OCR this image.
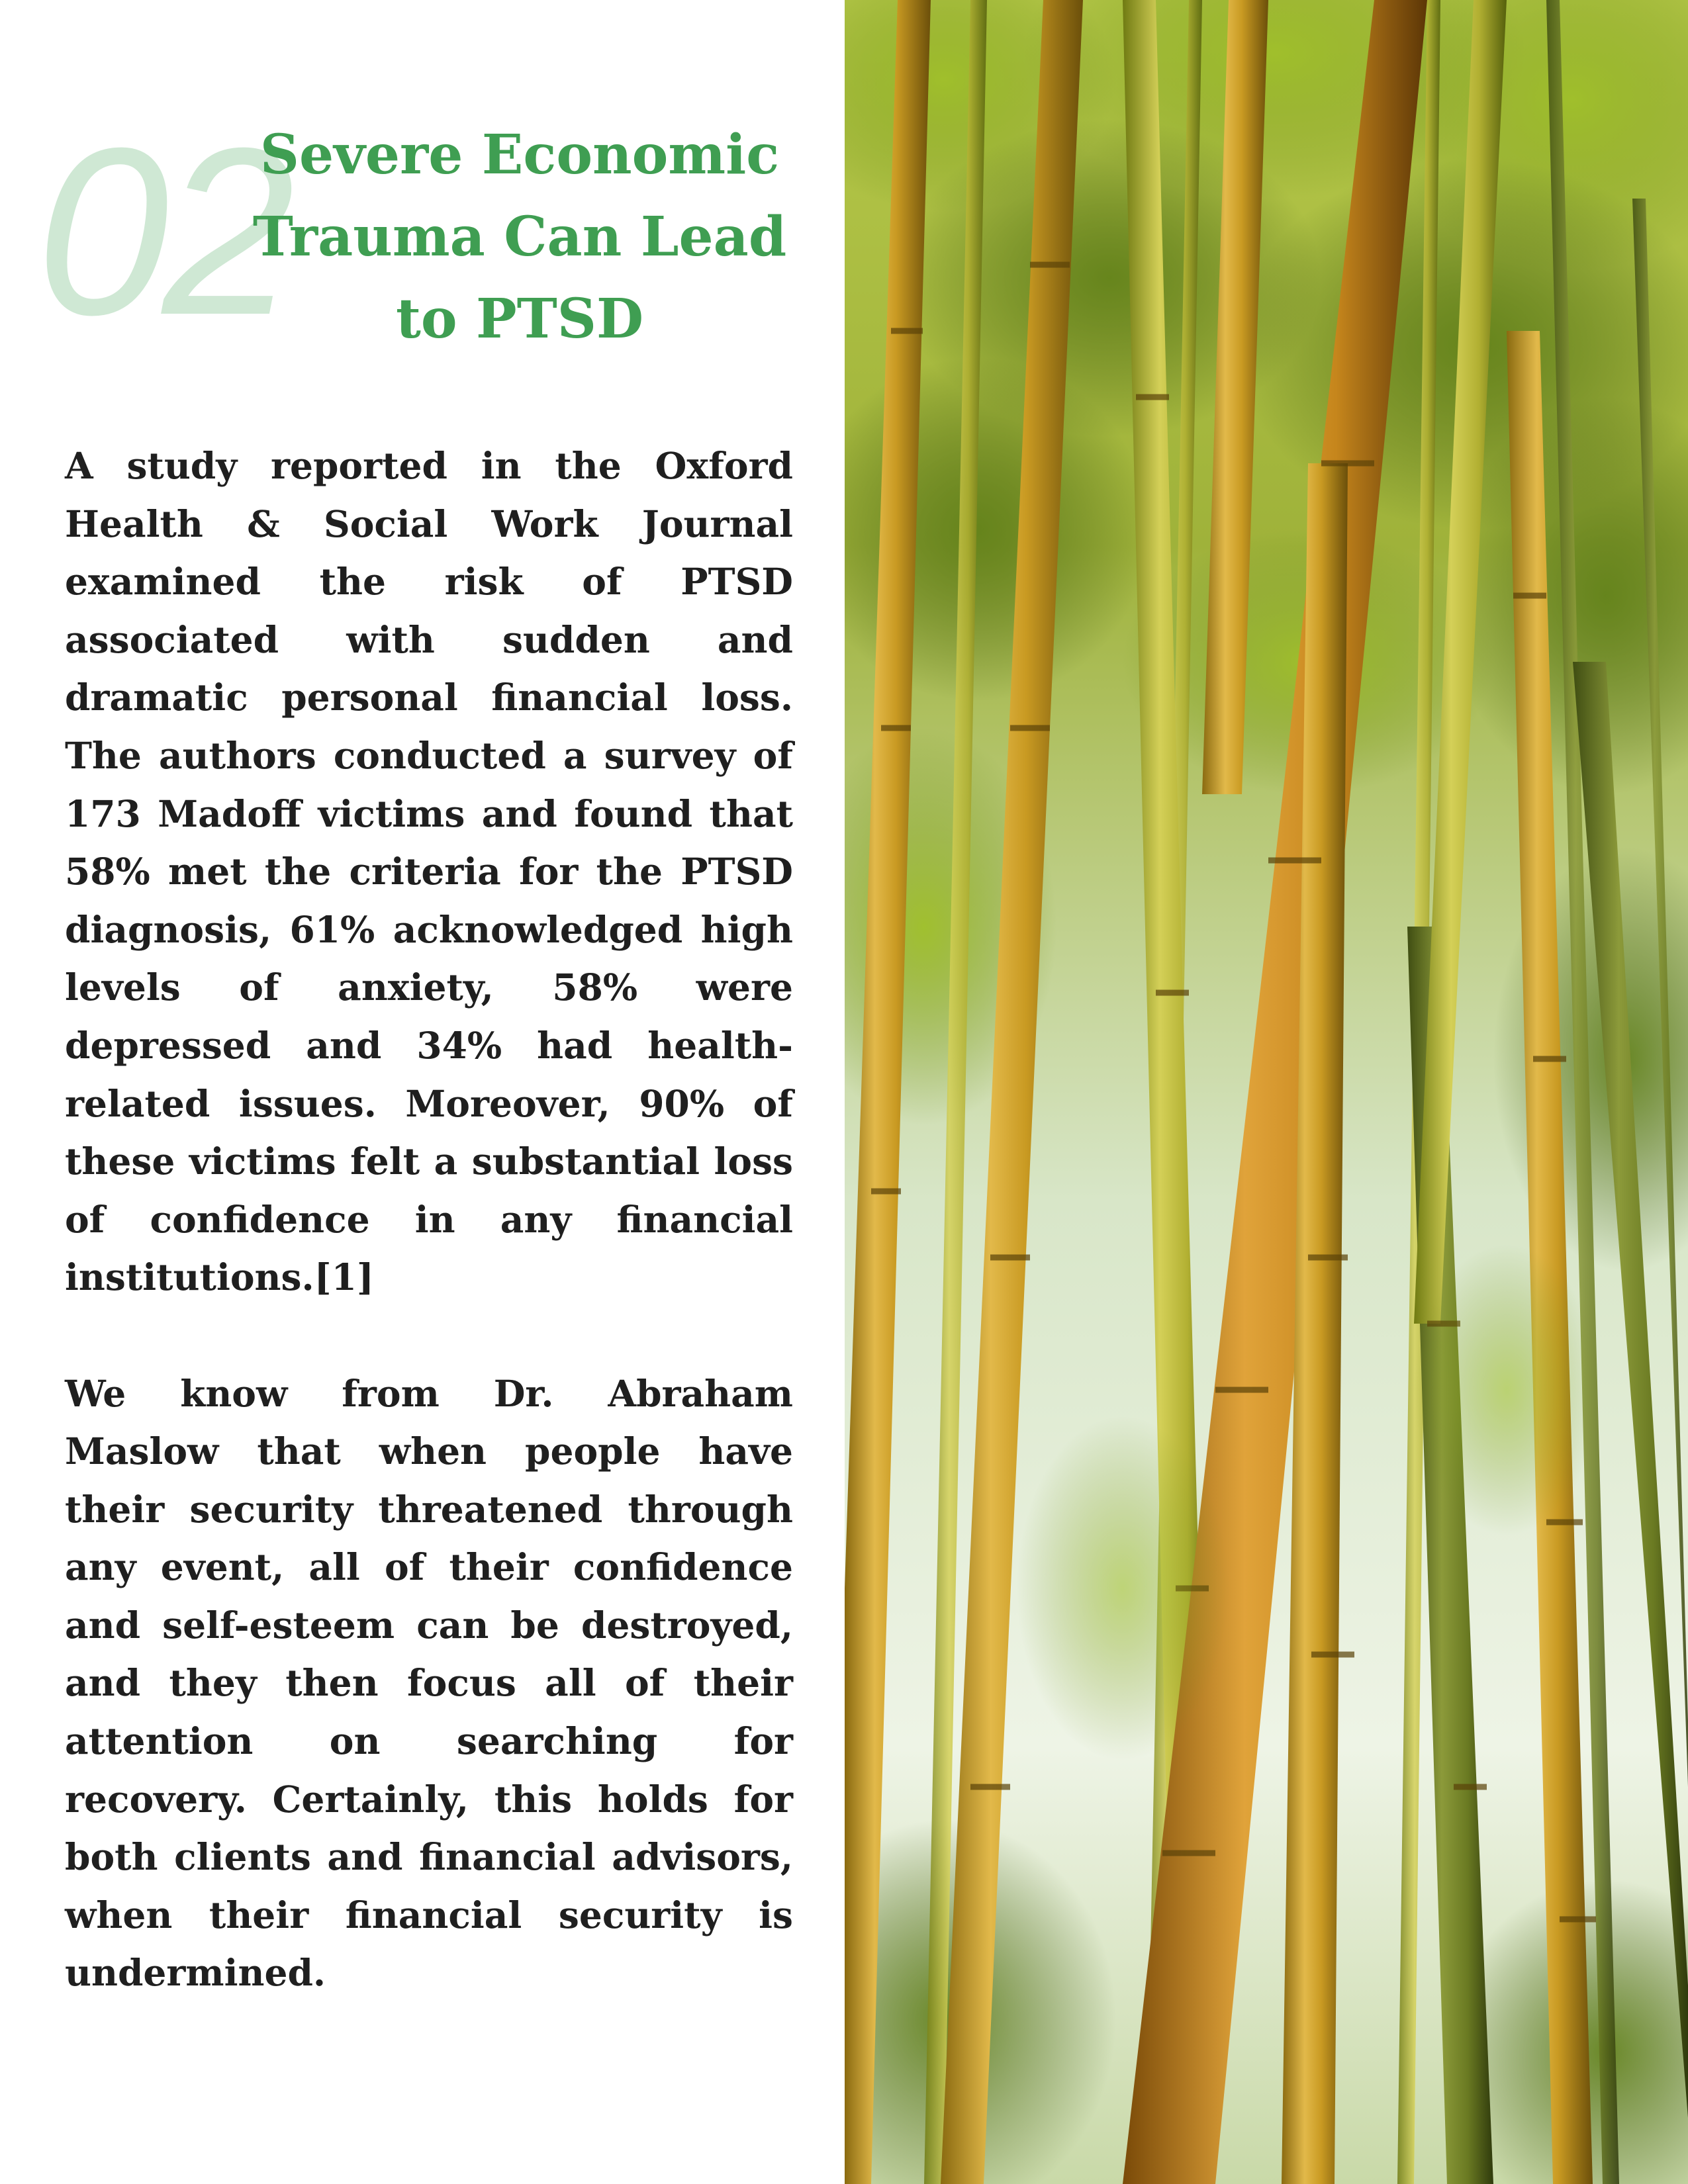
02
Severe Economic Trauma Can Lead to PTSD

A study reported in the Oxford Health & Social Work Journal examined the risk of PTSD associated with sudden and dramatic personal financial loss. The authors conducted a survey of 173 Madoff victims and found that 58% met the criteria for the PTSD diagnosis, 61% acknowledged high levels of anxiety, 58% were depressed and 34% had health-related issues. Moreover, 90% of these victims felt a substantial loss of confidence in any financial institutions.[1]

We know from Dr. Abraham Maslow that when people have their security threatened through any event, all of their confidence and self-esteem can be destroyed, and they then focus all of their attention on searching for recovery. Certainly, this holds for both clients and financial advisors, when their financial security is undermined.
